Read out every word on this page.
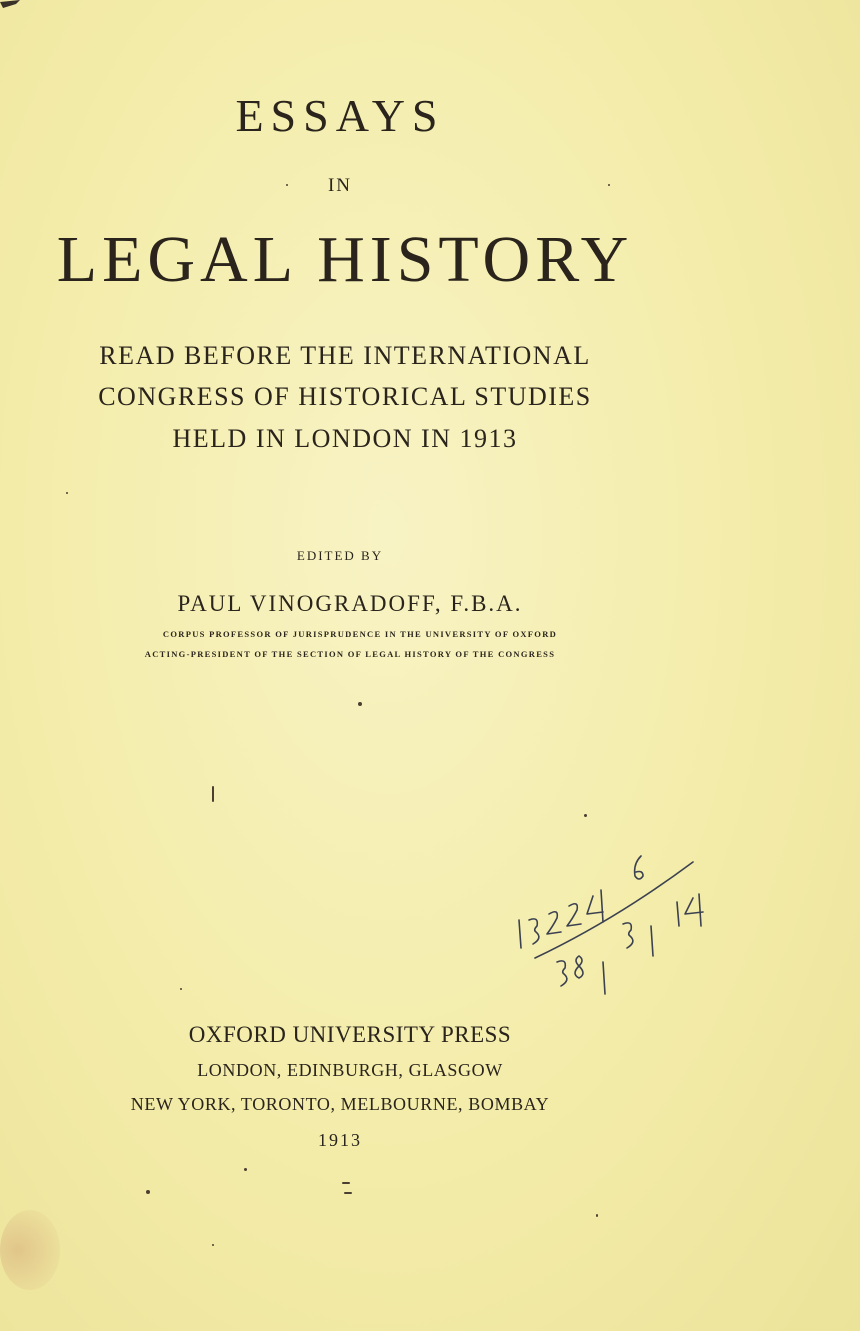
ESSAYS
IN
LEGAL HISTORY
READ BEFORE THE INTERNATIONAL
CONGRESS OF HISTORICAL STUDIES
HELD IN LONDON IN 1913
EDITED BY
PAUL VINOGRADOFF, F.B.A.
CORPUS PROFESSOR OF JURISPRUDENCE IN THE UNIVERSITY OF OXFORD
ACTING-PRESIDENT OF THE SECTION OF LEGAL HISTORY OF THE CONGRESS
OXFORD UNIVERSITY PRESS
LONDON, EDINBURGH, GLASGOW
NEW YORK, TORONTO, MELBOURNE, BOMBAY
1913
